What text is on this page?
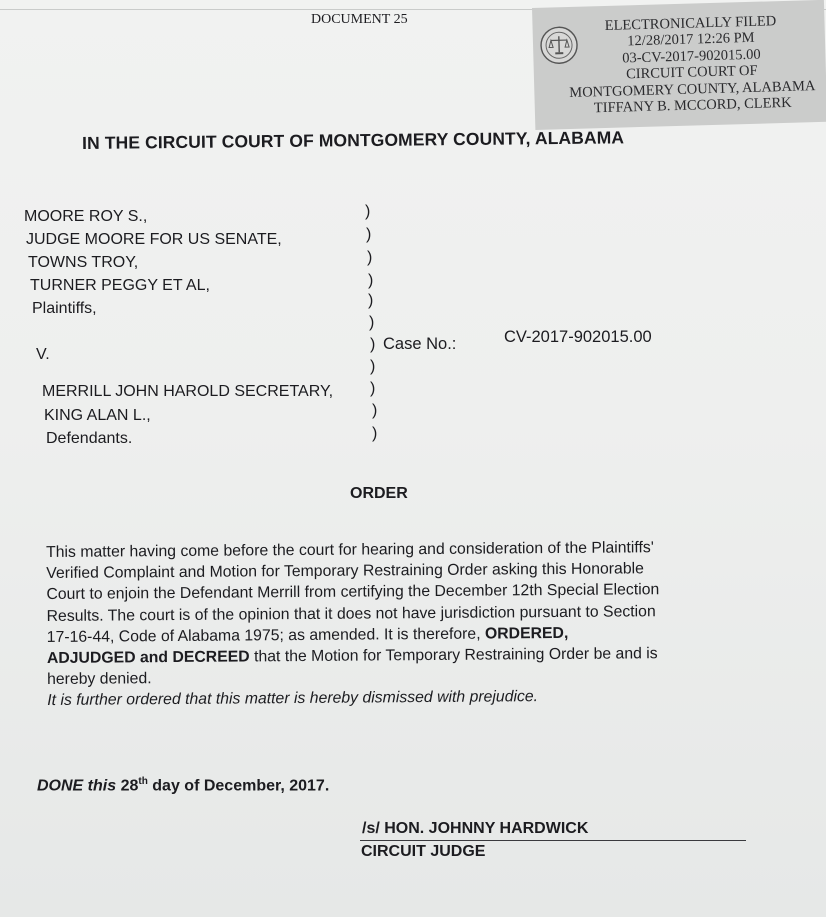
DOCUMENT 25	ELECTRONICALLY FILED
12/28/2017 12:26 PM
03-CV-2017-902015.00
CIRCUIT COURT OF
MONTGOMERY COUNTY, ALABAMA
TIFFANY B. MCCORD, CLERK
IN THE CIRCUIT COURT OF MONTGOMERY COUNTY, ALABAMA
MOORE ROY S.,
JUDGE MOORE FOR US SENATE,
TOWNS TROY,
TURNER PEGGY ET AL,
Plaintiffs,
V.
MERRILL JOHN HAROLD SECRETARY,
KING ALAN L.,
Defendants.
)
)
)
)
)
)
)
)
)
)
)
Case No.:	CV-2017-902015.00
ORDER
This matter having come before the court for hearing and consideration of the Plaintiffs'
Verified Complaint and Motion for Temporary Restraining Order asking this Honorable
Court to enjoin the Defendant Merrill from certifying the December 12th Special Election
Results. The court is of the opinion that it does not have jurisdiction pursuant to Section
17-16-44, Code of Alabama 1975; as amended. It is therefore, ORDERED,
ADJUDGED and DECREED that the Motion for Temporary Restraining Order be and is
hereby denied.
It is further ordered that this matter is hereby dismissed with prejudice.
DONE this 28th day of December, 2017.
/s/ HON. JOHNNY HARDWICK
CIRCUIT JUDGE
